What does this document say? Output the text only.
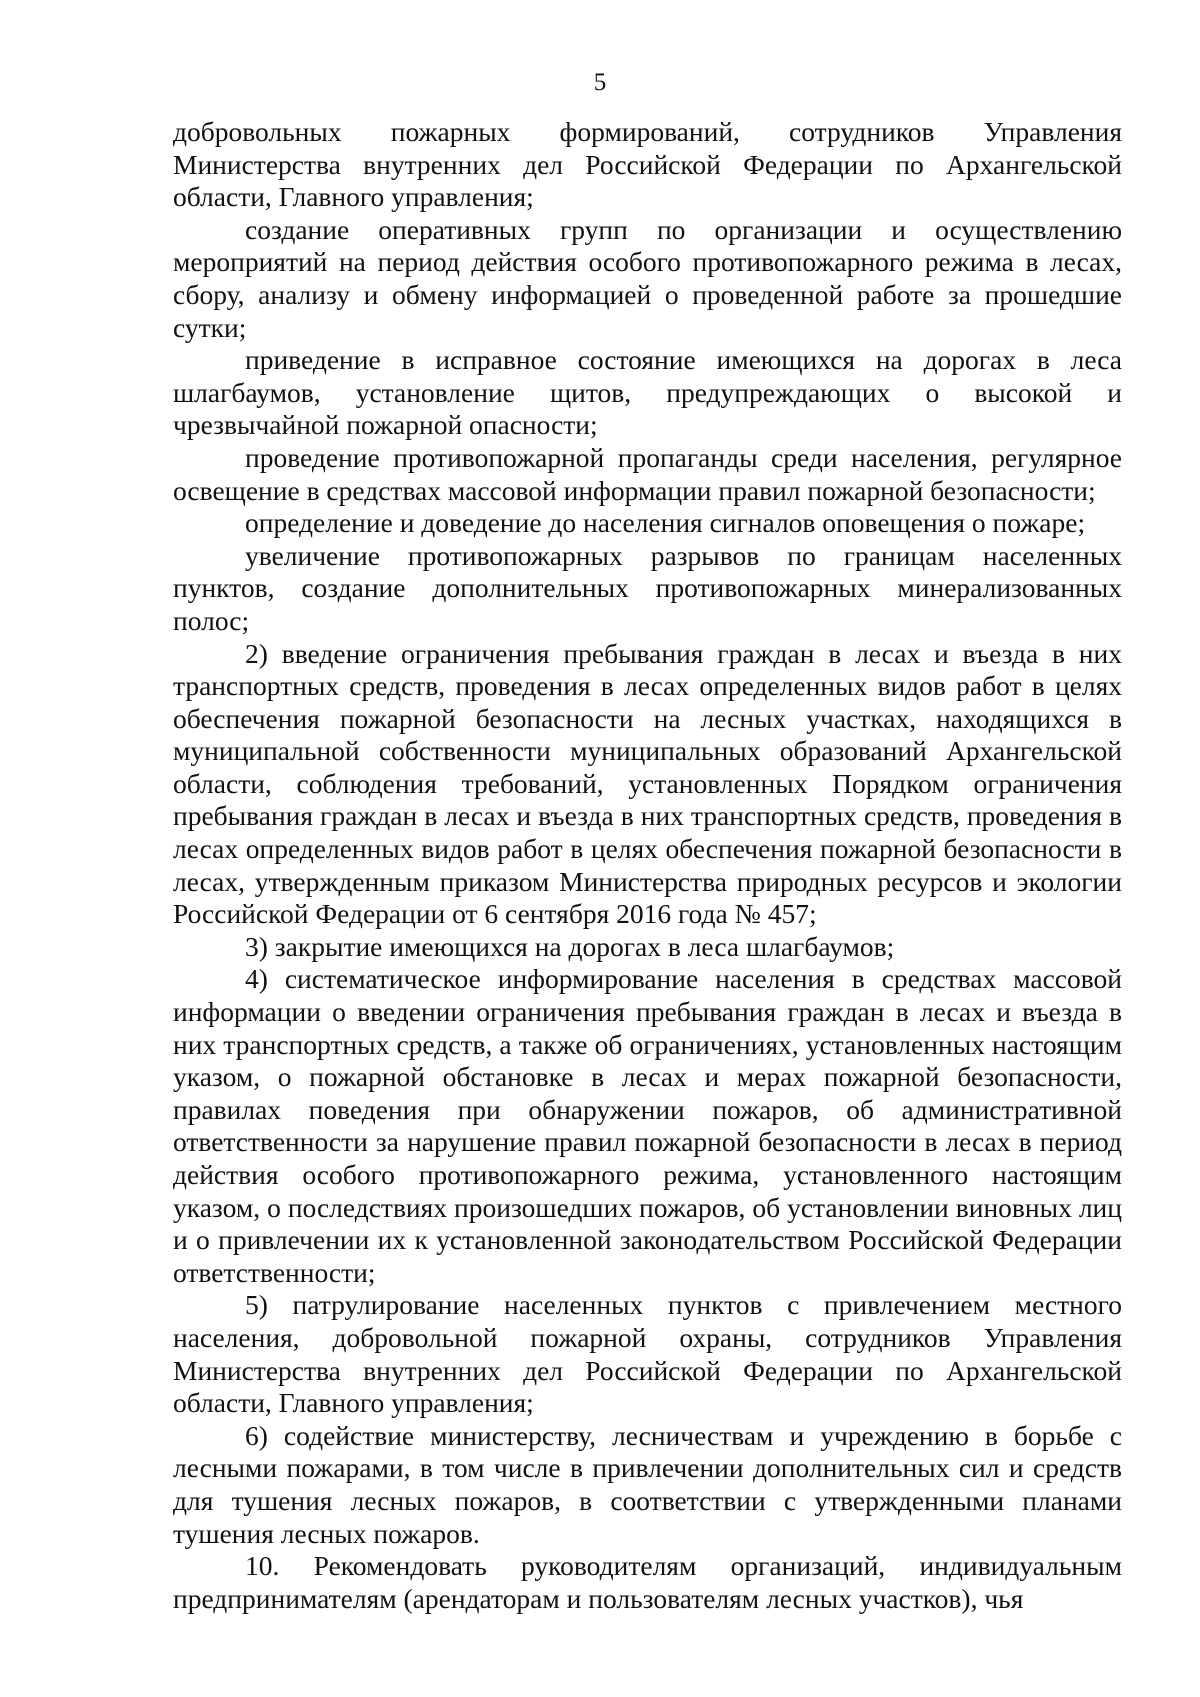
5

добровольных пожарных формирований, сотрудников Управления Министерства внутренних дел Российской Федерации по Архангельской области, Главного управления;

создание оперативных групп по организации и осуществлению мероприятий на период действия особого противопожарного режима в лесах, сбору, анализу и обмену информацией о проведенной работе за прошедшие сутки;

приведение в исправное состояние имеющихся на дорогах в леса шлагбаумов, установление щитов, предупреждающих о высокой и чрезвычайной пожарной опасности;

проведение противопожарной пропаганды среди населения, регулярное освещение в средствах массовой информации правил пожарной безопасности;

определение и доведение до населения сигналов оповещения о пожаре;

увеличение противопожарных разрывов по границам населенных пунктов, создание дополнительных противопожарных минерализованных полос;

2) введение ограничения пребывания граждан в лесах и въезда в них транспортных средств, проведения в лесах определенных видов работ в целях обеспечения пожарной безопасности на лесных участках, находящихся в муниципальной собственности муниципальных образований Архангельской области, соблюдения требований, установленных Порядком ограничения пребывания граждан в лесах и въезда в них транспортных средств, проведения в лесах определенных видов работ в целях обеспечения пожарной безопасности в лесах, утвержденным приказом Министерства природных ресурсов и экологии Российской Федерации от 6 сентября 2016 года № 457;

3) закрытие имеющихся на дорогах в леса шлагбаумов;

4) систематическое информирование населения в средствах массовой информации о введении ограничения пребывания граждан в лесах и въезда в них транспортных средств, а также об ограничениях, установленных настоящим указом, о пожарной обстановке в лесах и мерах пожарной безопасности, правилах поведения при обнаружении пожаров, об административной ответственности за нарушение правил пожарной безопасности в лесах в период действия особого противопожарного режима, установленного настоящим указом, о последствиях произошедших пожаров, об установлении виновных лиц и о привлечении их к установленной законодательством Российской Федерации ответственности;

5) патрулирование населенных пунктов с привлечением местного населения, добровольной пожарной охраны, сотрудников Управления Министерства внутренних дел Российской Федерации по Архангельской области, Главного управления;

6) содействие министерству, лесничествам и учреждению в борьбе с лесными пожарами, в том числе в привлечении дополнительных сил и средств для тушения лесных пожаров, в соответствии с утвержденными планами тушения лесных пожаров.

10. Рекомендовать руководителям организаций, индивидуальным предпринимателям (арендаторам и пользователям лесных участков), чья
